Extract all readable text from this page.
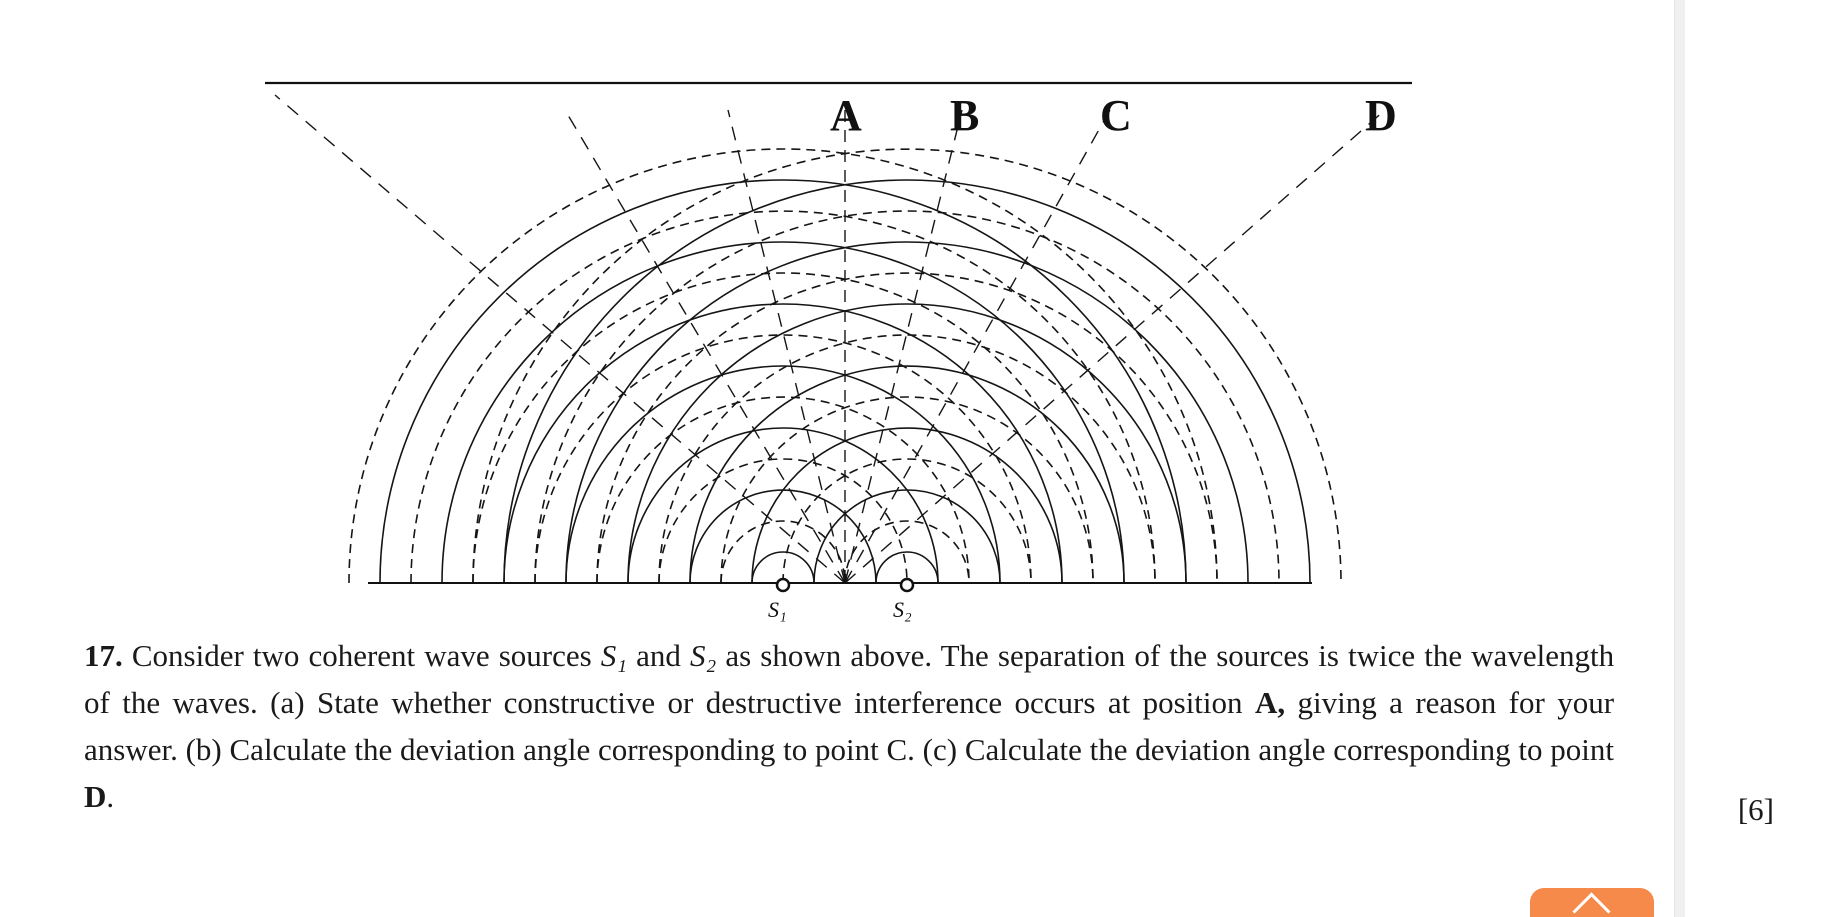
S₁	S₂
A B	C	D
17. Consider two coherent wave sources S₁ and S₂ as shown above. The separation of the sources is twice the wavelength of the waves. (a) State whether constructive or destructive interference occurs at position A, giving a reason for your answer. (b) Calculate the deviation angle corresponding to point C. (c) Calculate the deviation angle corresponding to point D.	[6]
